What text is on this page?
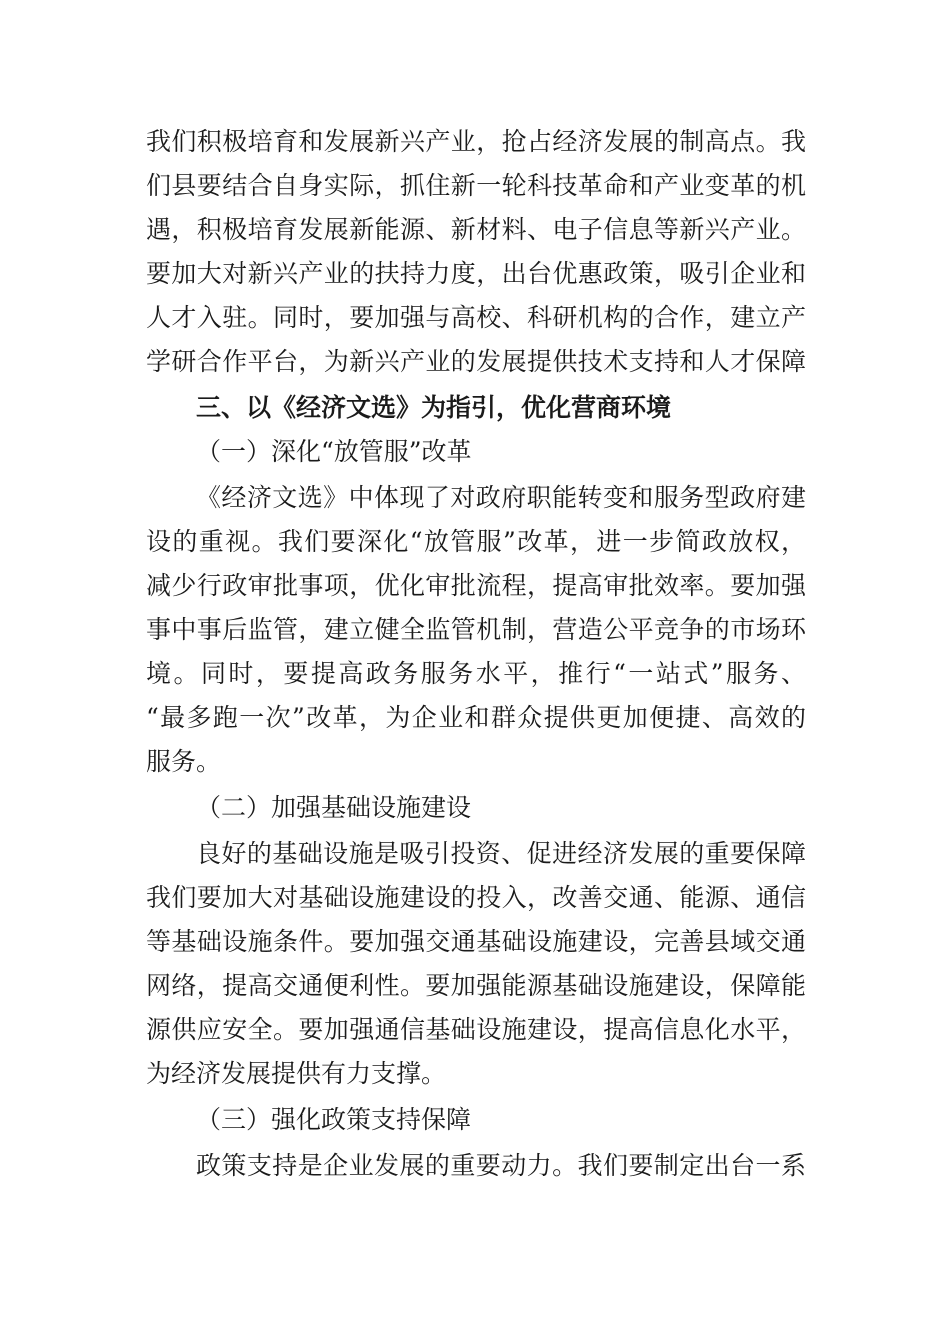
我们积极培育和发展新兴产业，抢占经济发展的制高点。我
们县要结合自身实际，抓住新一轮科技革命和产业变革的机
遇，积极培育发展新能源、新材料、电子信息等新兴产业。
要加大对新兴产业的扶持力度，出台优惠政策，吸引企业和
人才入驻。同时，要加强与高校、科研机构的合作，建立产
学研合作平台，为新兴产业的发展提供技术支持和人才保障
三、以《经济文选》为指引，优化营商环境
（一）深化“放管服”改革
《经济文选》中体现了对政府职能转变和服务型政府建
设的重视。我们要深化“放管服”改革，进一步简政放权，
减少行政审批事项，优化审批流程，提高审批效率。要加强
事中事后监管，建立健全监管机制，营造公平竞争的市场环
境。同时，要提高政务服务水平，推行“一站式”服务、
“最多跑一次”改革，为企业和群众提供更加便捷、高效的
服务。
（二）加强基础设施建设
良好的基础设施是吸引投资、促进经济发展的重要保障
我们要加大对基础设施建设的投入，改善交通、能源、通信
等基础设施条件。要加强交通基础设施建设，完善县域交通
网络，提高交通便利性。要加强能源基础设施建设，保障能
源供应安全。要加强通信基础设施建设，提高信息化水平，
为经济发展提供有力支撑。
（三）强化政策支持保障
政策支持是企业发展的重要动力。我们要制定出台一系
